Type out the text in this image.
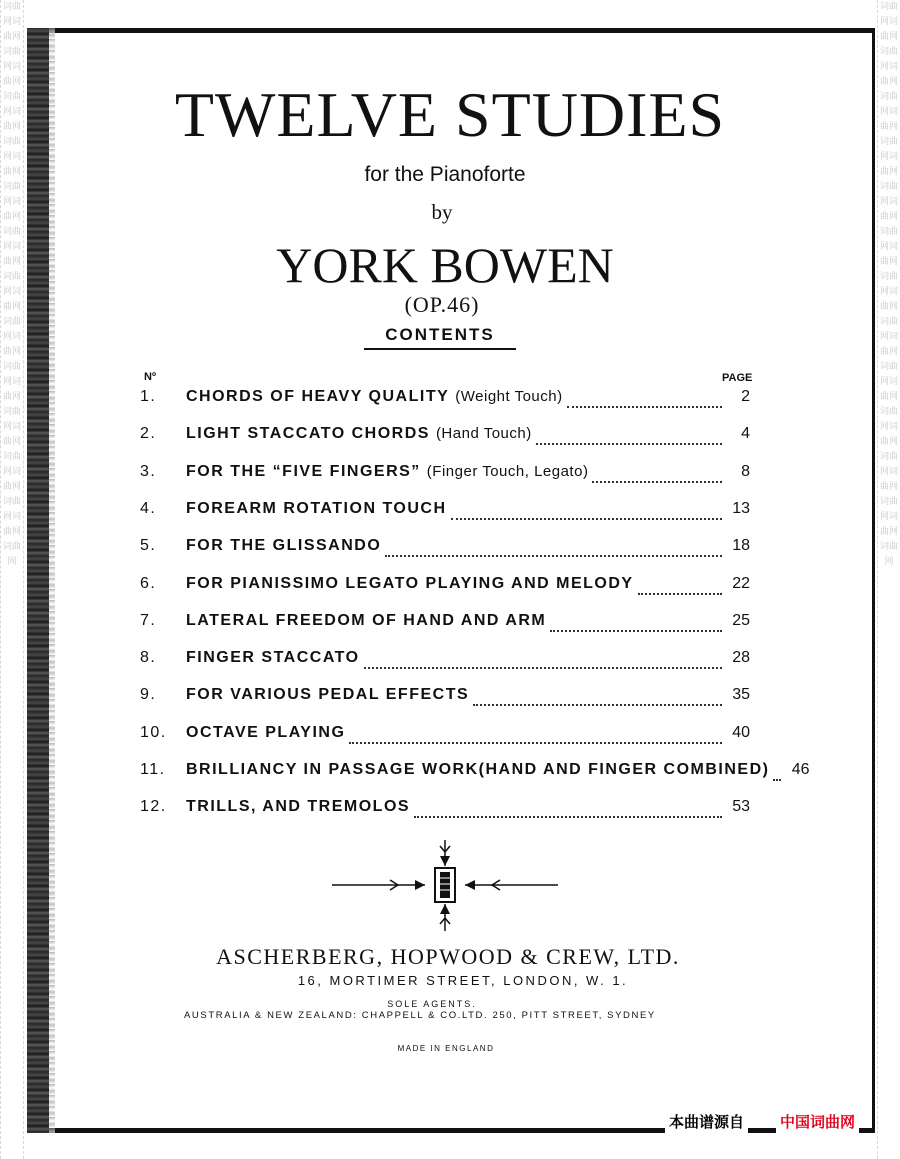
词曲网词曲网词曲网词曲网词曲网词曲网词曲网词曲网词曲网词曲网词曲网词曲网词曲网词曲网词曲网词曲网词曲网词曲网词曲网词曲网词曲网词曲网词曲网词曲网词曲网
词曲网词曲网词曲网词曲网词曲网词曲网词曲网词曲网词曲网词曲网词曲网词曲网词曲网词曲网词曲网词曲网词曲网词曲网词曲网词曲网词曲网词曲网词曲网词曲网词曲网
TWELVE STUDIES
for the Pianoforte
by
YORK BOWEN
(OP.46)
CONTENTS
Nº	PAGE
1.	CHORDS OF HEAVY QUALITY (Weight Touch)	2
2.	LIGHT STACCATO CHORDS (Hand Touch)	4
3.	FOR THE “FIVE FINGERS” (Finger Touch, Legato)	8
4.	FOREARM ROTATION TOUCH	13
5.	FOR THE GLISSANDO	18
6.	FOR PIANISSIMO LEGATO PLAYING AND MELODY	22
7.	LATERAL FREEDOM OF HAND AND ARM	25
8.	FINGER STACCATO	28
9.	FOR VARIOUS PEDAL EFFECTS	35
10.	OCTAVE PLAYING	40
11.	BRILLIANCY IN PASSAGE WORK(HAND AND FINGER COMBINED)	46
12.	TRILLS, AND TREMOLOS	53
ASCHERBERG, HOPWOOD & CREW, LTD.
16, MORTIMER STREET, LONDON, W. 1.
SOLE AGENTS.
AUSTRALIA & NEW ZEALAND: CHAPPELL & CO.LTD. 250, PITT STREET, SYDNEY
MADE IN ENGLAND
本曲谱源自 中国词曲网
